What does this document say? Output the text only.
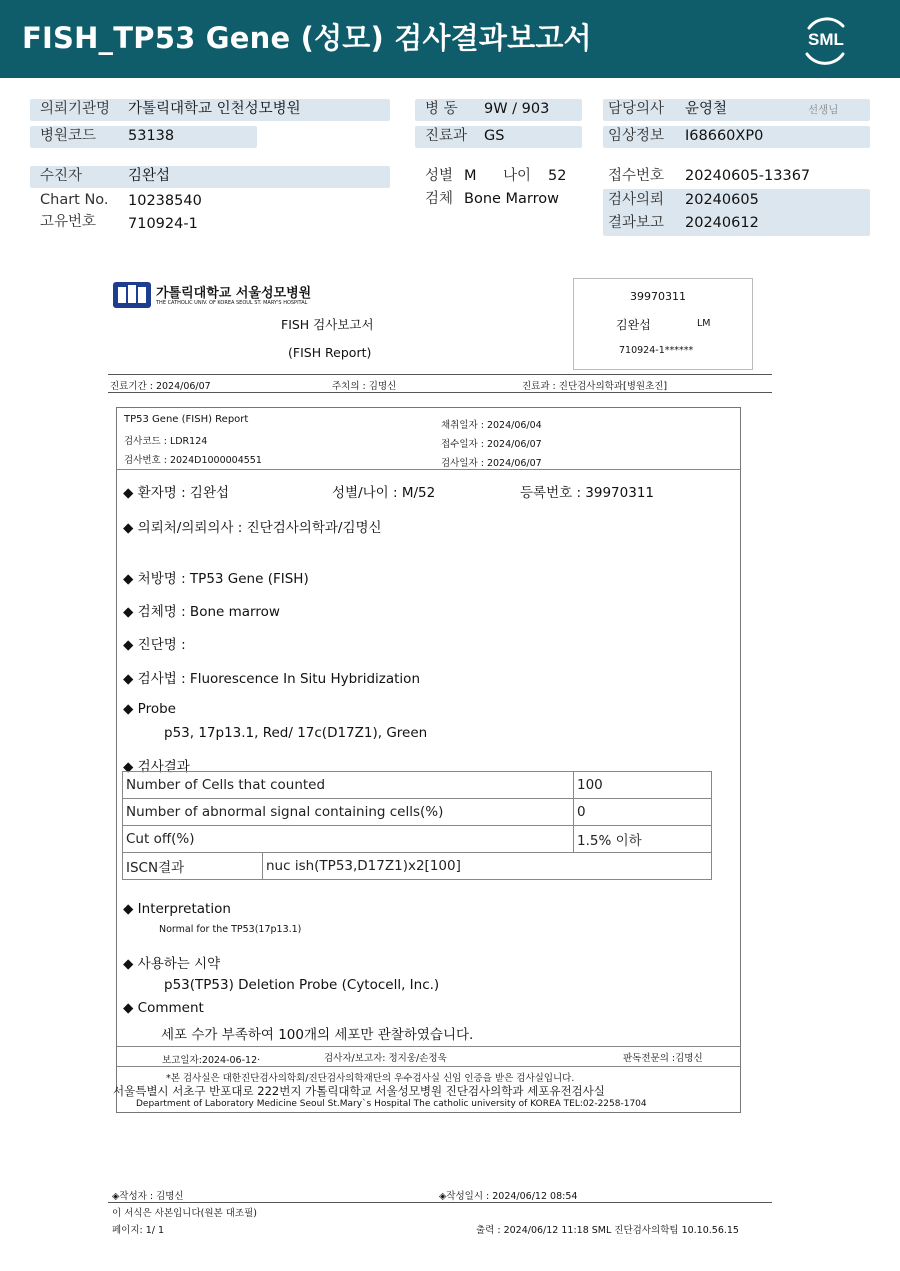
FISH_TP53 Gene (성모) 검사결과보고서	SML
의뢰기관명 가톨릭대학교 인천성모병원
병원코드 53138
병 동 9W / 903
진료과 GS
담당의사 윤영철	선생님
임상정보 I68660XP0
수진자	김완섭
Chart No. 10238540
고유번호 710924-1
성별 M 나이 52
검체 Bone Marrow
접수번호 20240605-13367
검사의뢰 20240605
결과보고 20240612
가톨릭대학교 서울성모병원
THE CATHOLIC UNIV. OF KOREA SEOUL ST. MARY'S HOSPITAL
FISH 검사보고서
(FISH Report)
39970311
김완섭	LM
710924-1******
진료기간 : 2024/06/07	주치의 : 김명신	진료과 : 진단검사의학과[병원초진]
TP53 Gene (FISH) Report
검사코드 : LDR124
검사번호 : 2024D1000004551
채취일자 : 2024/06/04
접수일자 : 2024/06/07
검사일자 : 2024/06/07
◆ 환자명 : 김완섭	성별/나이 : M/52	등록번호 : 39970311
◆ 의뢰처/의뢰의사 : 진단검사의학과/김명신
◆ 처방명 : TP53 Gene (FISH)
◆ 검체명 : Bone marrow
◆ 진단명 :
◆ 검사법 : Fluorescence In Situ Hybridization
◆ Probe
p53, 17p13.1, Red/ 17c(D17Z1), Green
◆ 검사결과
Number of Cells that counted		100
Number of abnormal signal containing cells(%)		0
Cut off(%)		1.5% 이하
ISCN결과	nuc ish(TP53,D17Z1)x2[100]	
◆ Interpretation
Normal for the TP53(17p13.1)
◆ 사용하는 시약
p53(TP53) Deletion Probe (Cytocell, Inc.)
◆ Comment
세포 수가 부족하여 100개의 세포만 관찰하였습니다.
보고일자:2024-06-12·	검사자/보고자: 정지웅/손정욱	판독전문의 :김명신
*본 검사실은 대한진단검사의학회/진단검사의학재단의 우수검사실 신임 인증을 받은 검사실입니다.
서울특별시 서초구 반포대로 222번지 가톨릭대학교 서울성모병원 진단검사의학과 세포유전검사실
Department of Laboratory Medicine Seoul St.Mary`s Hospital The catholic university of KOREA TEL:02-2258-1704
◈작성자 : 김명신	◈작성일시 : 2024/06/12 08:54
이 서식은 사본입니다(원본 대조필)
페이지: 1/ 1	출력 : 2024/06/12 11:18 SML 진단검사의학팀 10.10.56.15
